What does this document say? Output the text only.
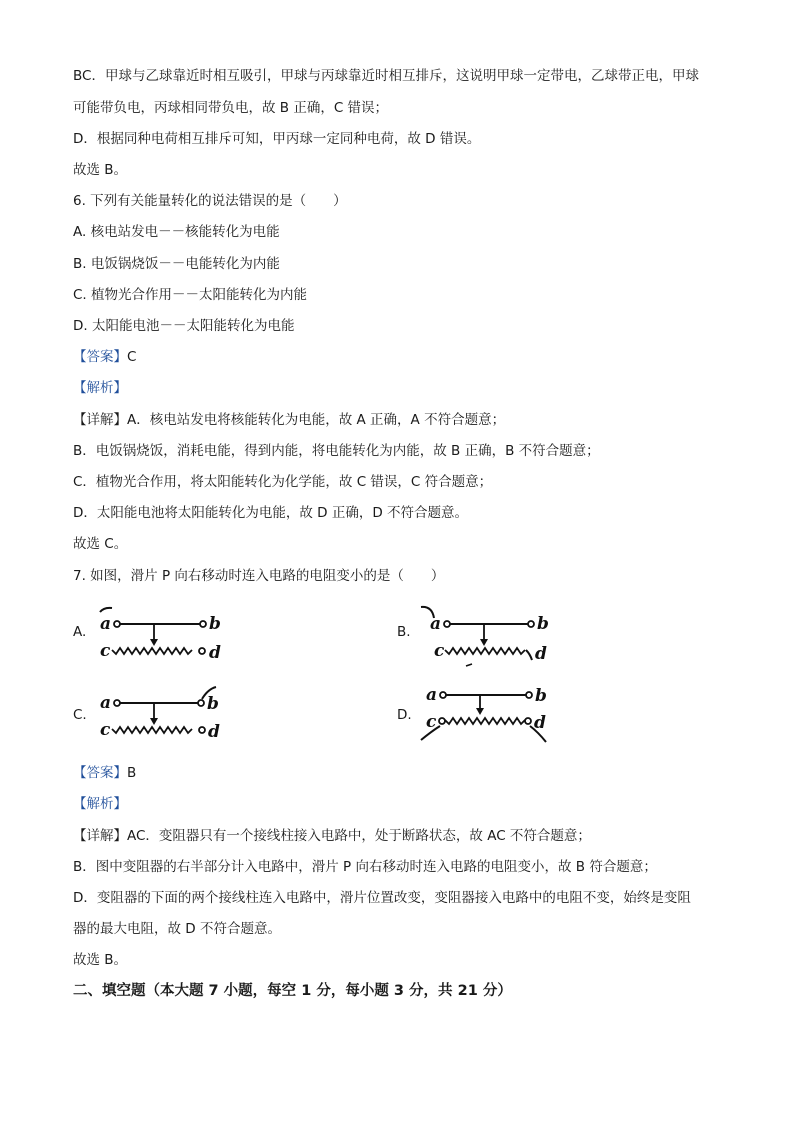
BC．甲球与乙球靠近时相互吸引，甲球与丙球靠近时相互排斥，这说明甲球一定带电，乙球带正电，甲球
可能带负电，丙球相同带负电，故 B 正确，C 错误；
D．根据同种电荷相互排斥可知，甲丙球一定同种电荷，故 D 错误。
故选 B。
6. 下列有关能量转化的说法错误的是（　　）
A. 核电站发电－－核能转化为电能
B. 电饭锅烧饭－－电能转化为内能
C. 植物光合作用－－太阳能转化为内能
D. 太阳能电池－－太阳能转化为电能
【答案】C
【解析】
【详解】A．核电站发电将核能转化为电能，故 A 正确，A 不符合题意；
B．电饭锅烧饭，消耗电能，得到内能，将电能转化为内能，故 B 正确，B 不符合题意；
C．植物光合作用，将太阳能转化为化学能，故 C 错误，C 符合题意；
D．太阳能电池将太阳能转化为电能，故 D 正确，D 不符合题意。
故选 C。
7. 如图，滑片 P 向右移动时连入电路的电阻变小的是（　　）
A.	B.
C.	D.
a	b
c	d
a	b
c	d
a	b
c	d
a	b
c	d
【答案】B
【解析】
【详解】AC．变阻器只有一个接线柱接入电路中，处于断路状态，故 AC 不符合题意；
B．图中变阻器的右半部分计入电路中，滑片 P 向右移动时连入电路的电阻变小，故 B 符合题意；
D．变阻器的下面的两个接线柱连入电路中，滑片位置改变，变阻器接入电路中的电阻不变，始终是变阻
器的最大电阻，故 D 不符合题意。
故选 B。
二、填空题（本大题 7 小题，每空 1 分，每小题 3 分，共 21 分）
